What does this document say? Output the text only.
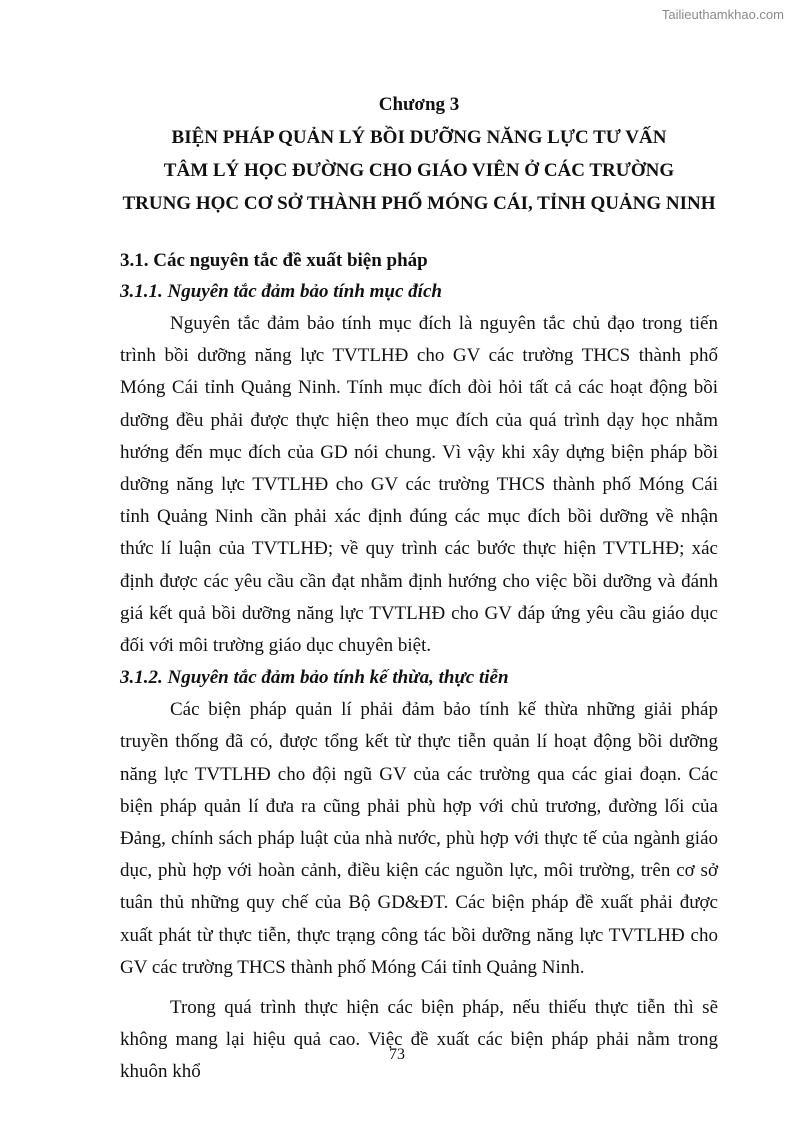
Tailieuthamkhao.com
Chương 3
BIỆN PHÁP QUẢN LÝ BỒI DƯỠNG NĂNG LỰC TƯ VẤN
TÂM LÝ HỌC ĐƯỜNG CHO GIÁO VIÊN Ở CÁC TRƯỜNG
TRUNG HỌC CƠ SỞ THÀNH PHỐ MÓNG CÁI, TỈNH QUẢNG NINH
3.1. Các nguyên tắc đề xuất biện pháp
3.1.1. Nguyên tắc đảm bảo tính mục đích

Nguyên tắc đảm bảo tính mục đích là nguyên tắc chủ đạo trong tiến trình bồi dưỡng năng lực TVTLHĐ cho GV các trường THCS thành phố Móng Cái tỉnh Quảng Ninh. Tính mục đích đòi hỏi tất cả các hoạt động bồi dưỡng đều phải được thực hiện theo mục đích của quá trình dạy học nhằm hướng đến mục đích của GD nói chung. Vì vậy khi xây dựng biện pháp bồi dưỡng năng lực TVTLHĐ cho GV các trường THCS thành phố Móng Cái tỉnh Quảng Ninh cần phải xác định đúng các mục đích bồi dưỡng về nhận thức lí luận của TVTLHĐ; về quy trình các bước thực hiện TVTLHĐ; xác định được các yêu cầu cần đạt nhằm định hướng cho việc bồi dưỡng và đánh giá kết quả bồi dưỡng năng lực TVTLHĐ cho GV đáp ứng yêu cầu giáo dục đối với môi trường giáo dục chuyên biệt.

3.1.2. Nguyên tắc đảm bảo tính kế thừa, thực tiễn

Các biện pháp quản lí phải đảm bảo tính kế thừa những giải pháp truyền thống đã có, được tổng kết từ thực tiễn quản lí hoạt động bồi dưỡng năng lực TVTLHĐ cho đội ngũ GV của các trường qua các giai đoạn. Các biện pháp quản lí đưa ra cũng phải phù hợp với chủ trương, đường lối của Đảng, chính sách pháp luật của nhà nước, phù hợp với thực tế của ngành giáo dục, phù hợp với hoàn cảnh, điều kiện các nguồn lực, môi trường, trên cơ sở tuân thủ những quy chế của Bộ GD&ĐT. Các biện pháp đề xuất phải được xuất phát từ thực tiễn, thực trạng công tác bồi dưỡng năng lực TVTLHĐ cho GV các trường THCS thành phố Móng Cái tỉnh Quảng Ninh.

Trong quá trình thực hiện các biện pháp, nếu thiếu thực tiễn thì sẽ không mang lại hiệu quả cao. Việc đề xuất các biện pháp phải nằm trong khuôn khổ

73
